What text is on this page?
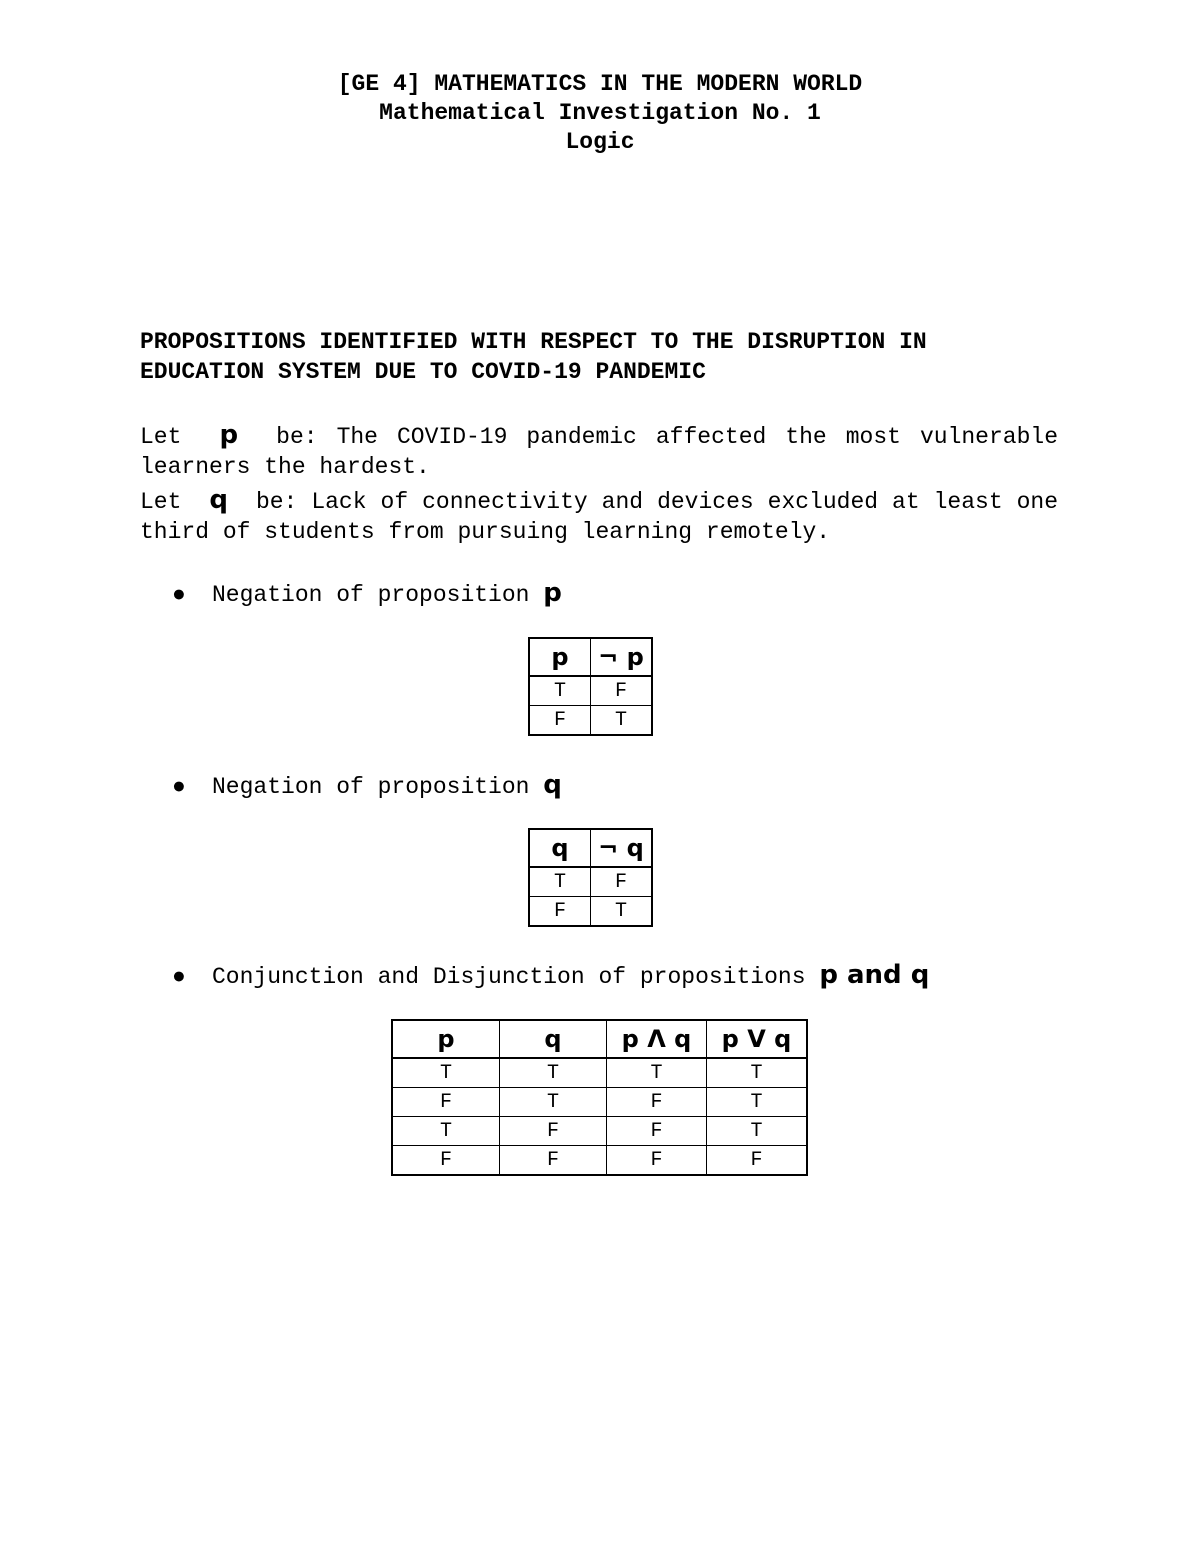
[GE 4] MATHEMATICS IN THE MODERN WORLD
Mathematical Investigation No. 1
Logic
PROPOSITIONS IDENTIFIED WITH RESPECT TO THE DISRUPTION IN
EDUCATION SYSTEM DUE TO COVID-19 PANDEMIC
Let p be: The COVID-19 pandemic affected the most vulnerable learners the hardest.
Let q be: Lack of connectivity and devices excluded at least one third of students from pursuing learning remotely.
● Negation of proposition p
p	¬ p
T	F
F	T
● Negation of proposition q
q	¬ q
T	F
F	T
● Conjunction and Disjunction of propositions p and q
p	q	p Λ q	p V q
T	T	T	T
F	T	F	T
T	F	F	T
F	F	F	F
